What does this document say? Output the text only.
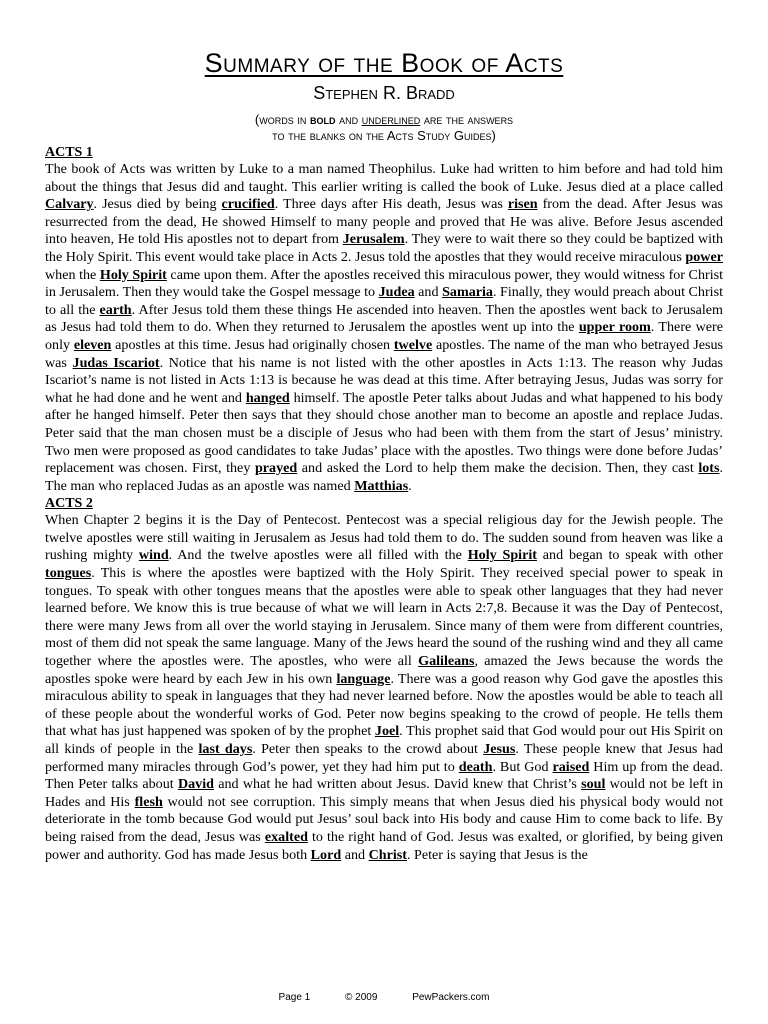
Summary of the Book of Acts
Stephen R. Bradd
(words in bold and underlined are the answers
to the blanks on the Acts Study Guides)
ACTS 1

The book of Acts was written by Luke to a man named Theophilus. Luke had written to him before and had told him about the things that Jesus did and taught. This earlier writing is called the book of Luke. Jesus died at a place called Calvary. Jesus died by being crucified. Three days after His death, Jesus was risen from the dead. After Jesus was resurrected from the dead, He showed Himself to many people and proved that He was alive. Before Jesus ascended into heaven, He told His apostles not to depart from Jerusalem. They were to wait there so they could be baptized with the Holy Spirit. This event would take place in Acts 2. Jesus told the apostles that they would receive miraculous power when the Holy Spirit came upon them. After the apostles received this miraculous power, they would witness for Christ in Jerusalem. Then they would take the Gospel message to Judea and Samaria. Finally, they would preach about Christ to all the earth. After Jesus told them these things He ascended into heaven. Then the apostles went back to Jerusalem as Jesus had told them to do. When they returned to Jerusalem the apostles went up into the upper room. There were only eleven apostles at this time. Jesus had originally chosen twelve apostles. The name of the man who betrayed Jesus was Judas Iscariot. Notice that his name is not listed with the other apostles in Acts 1:13. The reason why Judas Iscariot’s name is not listed in Acts 1:13 is because he was dead at this time. After betraying Jesus, Judas was sorry for what he had done and he went and hanged himself. The apostle Peter talks about Judas and what happened to his body after he hanged himself. Peter then says that they should chose another man to become an apostle and replace Judas. Peter said that the man chosen must be a disciple of Jesus who had been with them from the start of Jesus’ ministry. Two men were proposed as good candidates to take Judas’ place with the apostles. Two things were done before Judas’ replacement was chosen. First, they prayed and asked the Lord to help them make the decision. Then, they cast lots. The man who replaced Judas as an apostle was named Matthias.

ACTS 2

When Chapter 2 begins it is the Day of Pentecost. Pentecost was a special religious day for the Jewish people. The twelve apostles were still waiting in Jerusalem as Jesus had told them to do. The sudden sound from heaven was like a rushing mighty wind. And the twelve apostles were all filled with the Holy Spirit and began to speak with other tongues. This is where the apostles were baptized with the Holy Spirit. They received special power to speak in tongues. To speak with other tongues means that the apostles were able to speak other languages that they had never learned before. We know this is true because of what we will learn in Acts 2:7,8. Because it was the Day of Pentecost, there were many Jews from all over the world staying in Jerusalem. Since many of them were from different countries, most of them did not speak the same language. Many of the Jews heard the sound of the rushing wind and they all came together where the apostles were. The apostles, who were all Galileans, amazed the Jews because the words the apostles spoke were heard by each Jew in his own language. There was a good reason why God gave the apostles this miraculous ability to speak in languages that they had never learned before. Now the apostles would be able to teach all of these people about the wonderful works of God. Peter now begins speaking to the crowd of people. He tells them that what has just happened was spoken of by the prophet Joel. This prophet said that God would pour out His Spirit on all kinds of people in the last days. Peter then speaks to the crowd about Jesus. These people knew that Jesus had performed many miracles through God’s power, yet they had him put to death. But God raised Him up from the dead. Then Peter talks about David and what he had written about Jesus. David knew that Christ’s soul would not be left in Hades and His flesh would not see corruption. This simply means that when Jesus died his physical body would not deteriorate in the tomb because God would put Jesus’ soul back into His body and cause Him to come back to life. By being raised from the dead, Jesus was exalted to the right hand of God. Jesus was exalted, or glorified, by being given power and authority. God has made Jesus both Lord and Christ. Peter is saying that Jesus is the

Page 1	© 2009	PewPackers.com
